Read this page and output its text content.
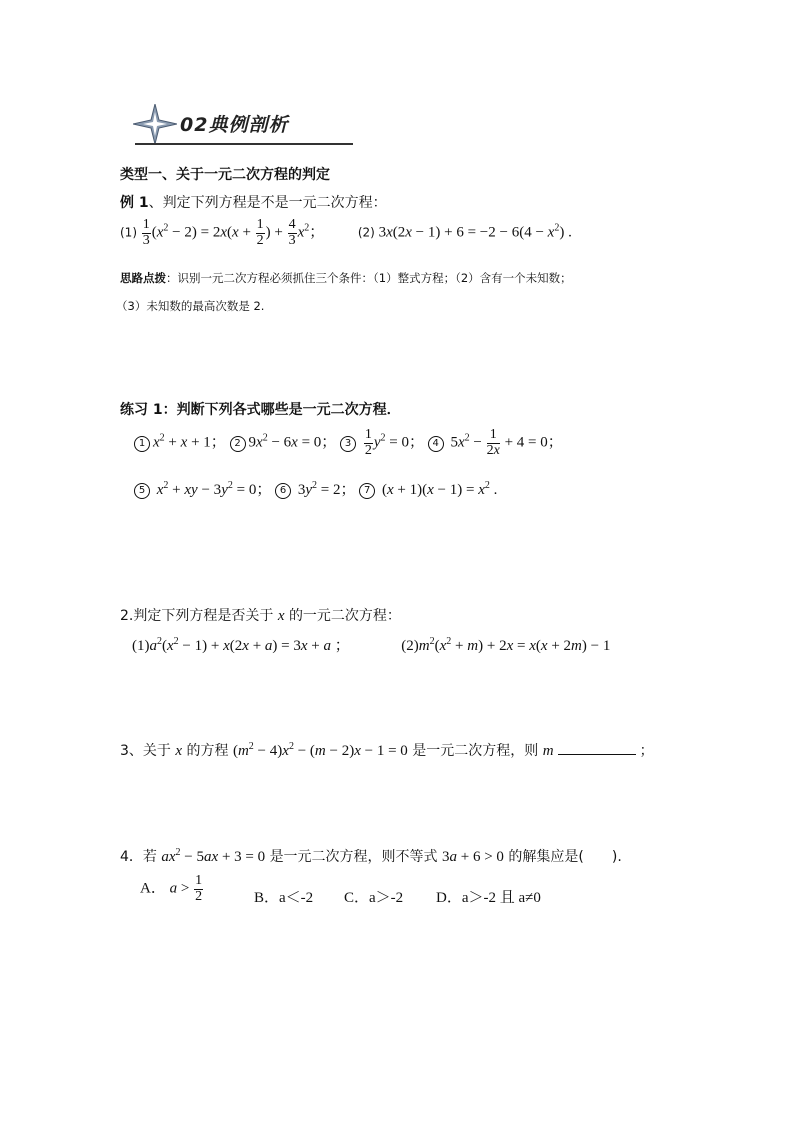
02典例剖析
类型一、关于一元二次方程的判定
例 1、判定下列方程是不是一元二次方程：
$(1) \frac{1}{3} (x^2 - 2) = 2x(x + \frac{1}{2}$ ) + $\frac{4}{3} x^2$；  (2) $3x(2x - 1) + 6 = -2 - 6(4 - x^2)$ .
思路点拨：识别一元二次方程必须抓住三个条件：（1）整式方程；（2）含有一个未知数；
（3）未知数的最高次数是 2.
练习 1：判断下列各式哪些是一元二次方程．
1 $x^2 + x + 1$； 2 $9x^2 - 6x = 0$； $3 \frac{1}{2} y^2 = 0$； 4 $5x^2 - \frac{1}{2x} + 4 = 0$；
5 $x^2$ + xy − $3y^2 = 0$； 6 $3y^2 = 2$； 7 $(x + 1)(x - 1) = x^2$ .
2.判定下列方程是否关于 x 的一元二次方程：
$(1)a^2(x^2 - 1) + x(2x + a) = 3x + a$ ；	$(2)m^2(x^2 + m) + 2x = x(x + 2m) - 1$
3、关于 x 的方程 $(m^2 - 4)x^2 - (m - 2)x - 1 = 0$ 是一元二次方程，则 m	；
4．若 $ax^2 - 5ax + 3 = 0$ 是一元二次方程，则不等式 3a + 6 > 0 的解集应是(　　).
A． $a > \frac{1}{2}$	B．a＜-2 C．a＞-2 D．a＞-2 且 a≠0
